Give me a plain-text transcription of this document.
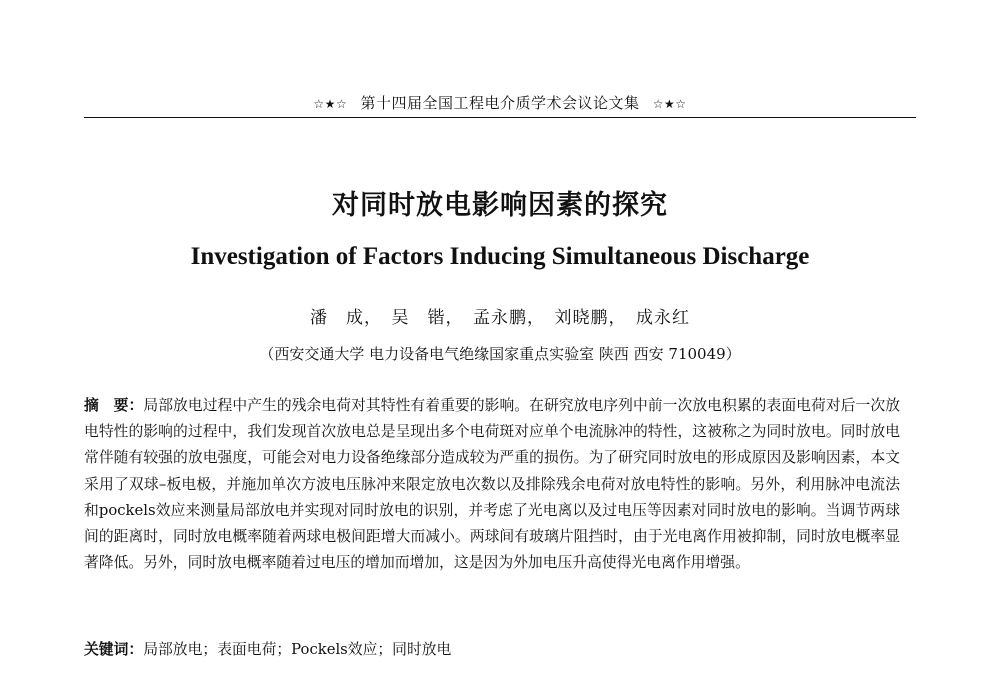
☆★☆ 第十四届全国工程电介质学术会议论文集 ☆★☆
对同时放电影响因素的探究
Investigation of Factors Inducing Simultaneous Discharge
潘　成，　吴　锴，　孟永鹏，　刘晓鹏，　成永红
（西安交通大学 电力设备电气绝缘国家重点实验室 陕西 西安 710049）
摘　要：局部放电过程中产生的残余电荷对其特性有着重要的影响。在研究放电序列中前一次放电积累的表面电荷对后一次放电特性的影响的过程中，我们发现首次放电总是呈现出多个电荷斑对应单个电流脉冲的特性，这被称之为同时放电。同时放电常伴随有较强的放电强度，可能会对电力设备绝缘部分造成较为严重的损伤。为了研究同时放电的形成原因及影响因素，本文采用了双球–板电极，并施加单次方波电压脉冲来限定放电次数以及排除残余电荷对放电特性的影响。另外，利用脉冲电流法和pockels效应来测量局部放电并实现对同时放电的识别，并考虑了光电离以及过电压等因素对同时放电的影响。当调节两球间的距离时，同时放电概率随着两球电极间距增大而减小。两球间有玻璃片阻挡时，由于光电离作用被抑制，同时放电概率显著降低。另外，同时放电概率随着过电压的增加而增加，这是因为外加电压升高使得光电离作用增强。
关键词：局部放电；表面电荷；Pockels效应；同时放电
